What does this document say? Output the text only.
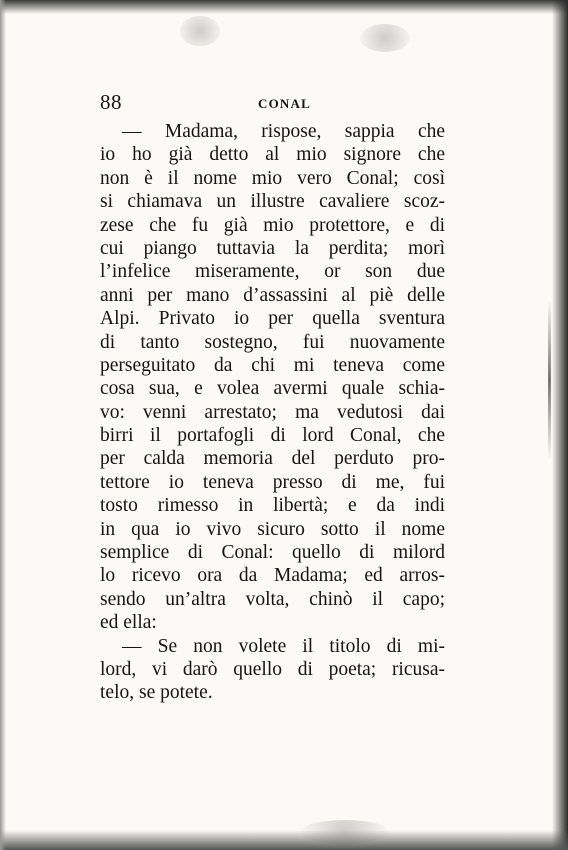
88	CONAL
— Madama, rispose, sappia che
io ho già detto al mio signore che
non è il nome mio vero Conal; così
si chiamava un illustre cavaliere scoz-
zese che fu già mio protettore, e di
cui piango tuttavia la perdita; morì
l’infelice miseramente, or son due
anni per mano d’assassini al piè delle
Alpi. Privato io per quella sventura
di tanto sostegno, fui nuovamente
perseguitato da chi mi teneva come
cosa sua, e volea avermi quale schia-
vo: venni arrestato; ma vedutosi dai
birri il portafogli di lord Conal, che
per calda memoria del perduto pro-
tettore io teneva presso di me, fui
tosto rimesso in libertà; e da indi
in qua io vivo sicuro sotto il nome
semplice di Conal: quello di milord
lo ricevo ora da Madama; ed arros-
sendo un’altra volta, chinò il capo;
ed ella:
— Se non volete il titolo di mi-
lord, vi darò quello di poeta; ricusa-
telo, se potete.
